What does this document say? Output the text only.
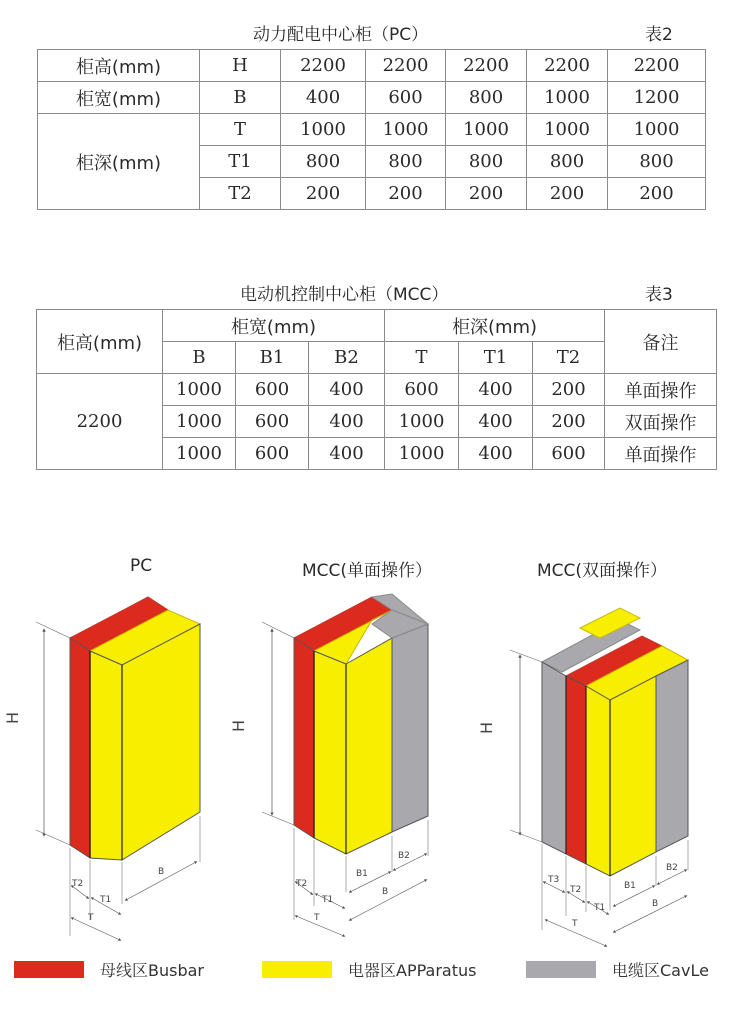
动力配电中心柜（PC）	表2
柜高(mm)	H	2200	2200	2200	2200	2200
柜宽(mm)	B	400	600	800	1000	1200
柜深(mm)	T	1000	1000	1000	1000	1000
	T1	800	800	800	800	800
	T2	200	200	200	200	200
电动机控制中心柜（MCC）	表3
柜高(mm)	柜宽(mm)			柜深(mm)			备注
	B	B1	B2	T	T1	T2	
2200	1000	600	400	600	400	200	单面操作
	1000	600	400	1000	400	200	双面操作
	1000	600	400	1000	400	600	单面操作
PC	MCC(单面操作）	MCC(双面操作）
H
T2
T1
T
B
H
T2
T1
T
B1
B2
B
H
T3
T2
T1
T
B1
B2
B
母线区Busbar	电器区APParatus	电缆区CavLe
